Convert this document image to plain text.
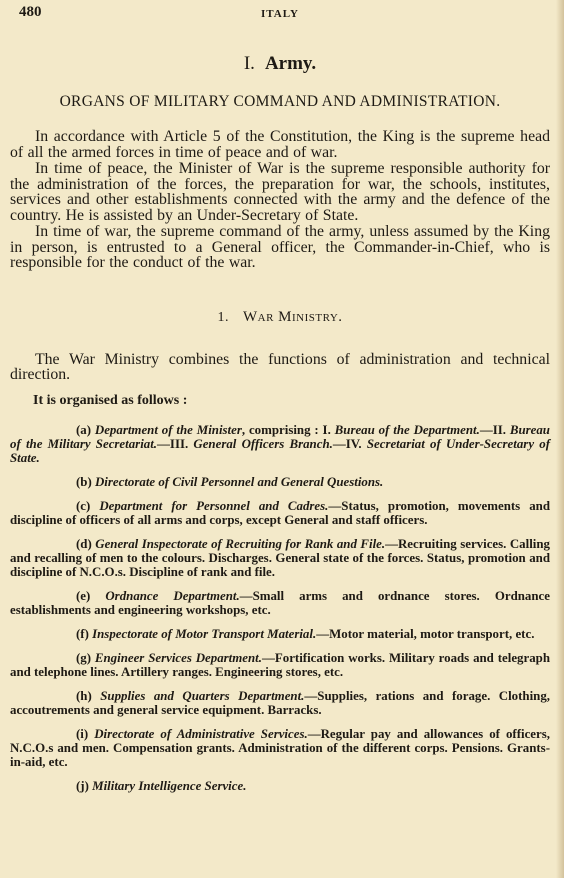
480	ITALY
I. Army.
ORGANS OF MILITARY COMMAND AND ADMINISTRATION.

In accordance with Article 5 of the Constitution, the King is the supreme head of all the armed forces in time of peace and of war.

In time of peace, the Minister of War is the supreme responsible authority for the administration of the forces, the preparation for war, the schools, institutes, services and other establishments connected with the army and the defence of the country. He is assisted by an Under-Secretary of State.

In time of war, the supreme command of the army, unless assumed by the King in person, is entrusted to a General officer, the Commander-in-Chief, who is responsible for the conduct of the war.

1. War Ministry.

The War Ministry combines the functions of administration and technical direction.

It is organised as follows :

(a) Department of the Minister, comprising : I. Bureau of the Department.—II. Bureau of the Military Secretariat.—III. General Officers Branch.—IV. Secretariat of Under-Secretary of State.

(b) Directorate of Civil Personnel and General Questions.

(c) Department for Personnel and Cadres.—Status, promotion, movements and discipline of officers of all arms and corps, except General and staff officers.

(d) General Inspectorate of Recruiting for Rank and File.—Recruiting services. Calling and recalling of men to the colours. Discharges. General state of the forces. Status, promotion and discipline of N.C.O.s. Discipline of rank and file.

(e) Ordnance Department.—Small arms and ordnance stores. Ordnance establishments and engineering workshops, etc.

(f) Inspectorate of Motor Transport Material.—Motor material, motor transport, etc.

(g) Engineer Services Department.—Fortification works. Military roads and telegraph and telephone lines. Artillery ranges. Engineering stores, etc.

(h) Supplies and Quarters Department.—Supplies, rations and forage. Clothing, accoutrements and general service equipment. Barracks.

(i) Directorate of Administrative Services.—Regular pay and allowances of officers, N.C.O.s and men. Compensation grants. Administration of the different corps. Pensions. Grants-in-aid, etc.

(j) Military Intelligence Service.
